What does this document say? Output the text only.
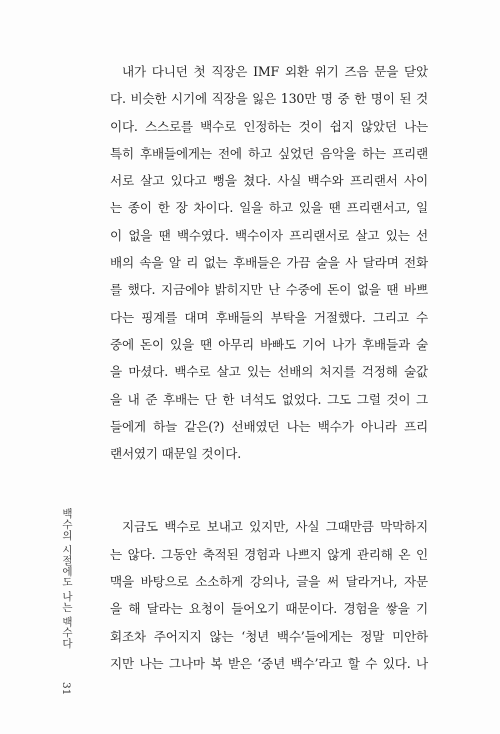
내가 다니던 첫 직장은 IMF 외환 위기 즈음 문을 닫았
다. 비슷한 시기에 직장을 잃은 130만 명 중 한 명이 된 것
이다. 스스로를 백수로 인정하는 것이 쉽지 않았던 나는
특히 후배들에게는 전에 하고 싶었던 음악을 하는 프리랜
서로 살고 있다고 뻥을 쳤다. 사실 백수와 프리랜서 사이
는 종이 한 장 차이다. 일을 하고 있을 땐 프리랜서고, 일
이 없을 땐 백수였다. 백수이자 프리랜서로 살고 있는 선
배의 속을 알 리 없는 후배들은 가끔 술을 사 달라며 전화
를 했다. 지금에야 밝히지만 난 수중에 돈이 없을 땐 바쁘
다는 핑계를 대며 후배들의 부탁을 거절했다. 그리고 수
중에 돈이 있을 땐 아무리 바빠도 기어 나가 후배들과 술
을 마셨다. 백수로 살고 있는 선배의 처지를 걱정해 술값
을 내 준 후배는 단 한 녀석도 없었다. 그도 그럴 것이 그
들에게 하늘 같은(?) 선배였던 나는 백수가 아니라 프리
랜서였기 때문일 것이다.

지금도 백수로 보내고 있지만, 사실 그때만큼 막막하지
는 않다. 그동안 축적된 경험과 나쁘지 않게 관리해 온 인
맥을 바탕으로 소소하게 강의나, 글을 써 달라거나, 자문
을 해 달라는 요청이 들어오기 때문이다. 경험을 쌓을 기
회조차 주어지지 않는 ‘청년 백수’들에게는 정말 미안하
지만 나는 그나마 복 받은 ‘중년 백수’라고 할 수 있다. 나

백수의 시절에도 나는 백수다
31
